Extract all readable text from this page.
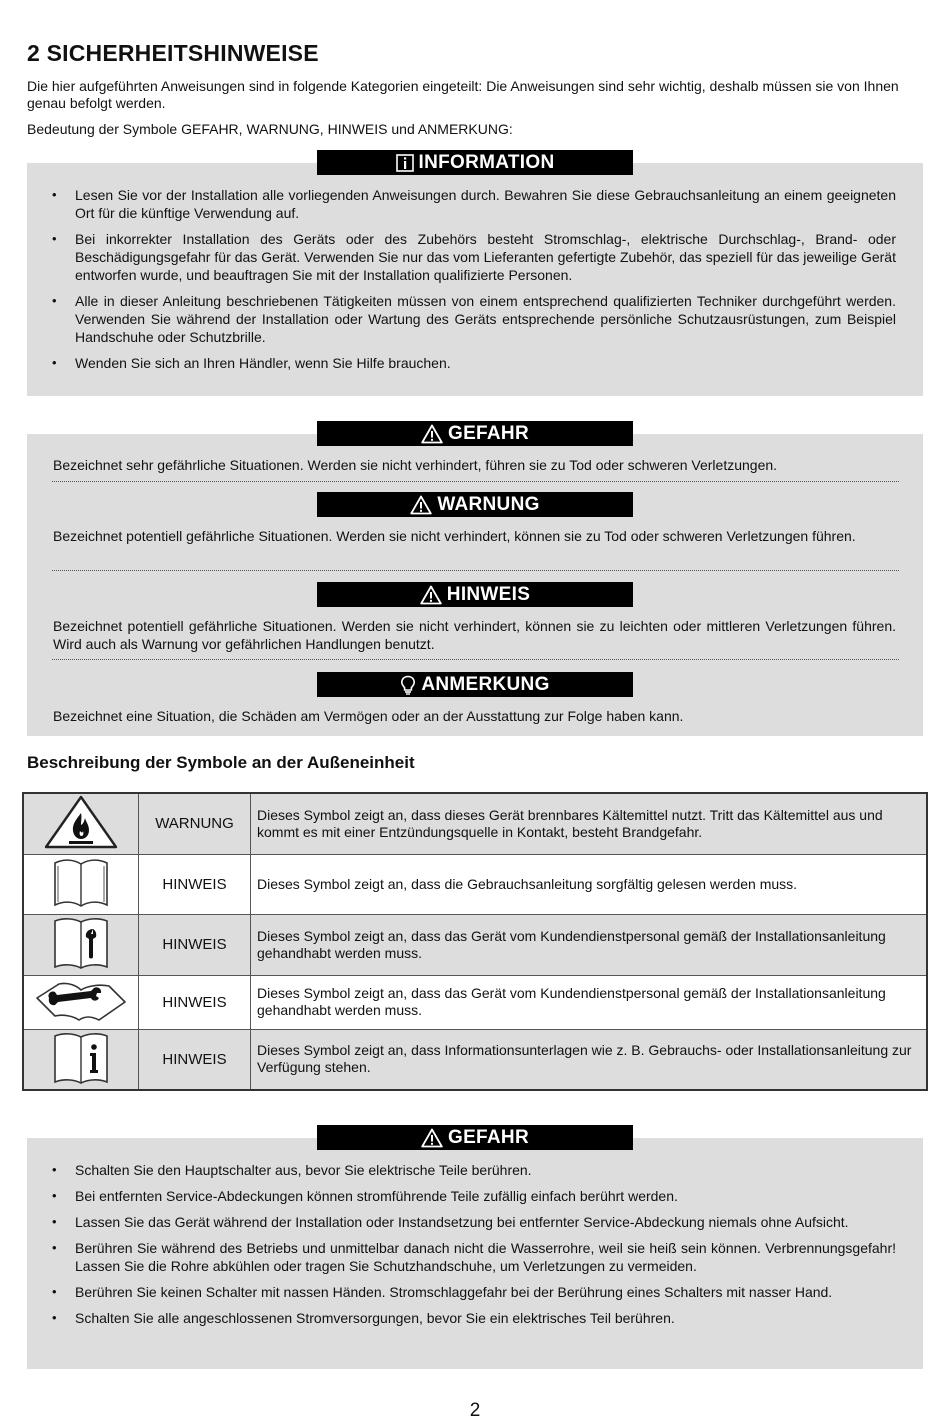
2 SICHERHEITSHINWEISE
Die hier aufgeführten Anweisungen sind in folgende Kategorien eingeteilt: Die Anweisungen sind sehr wichtig, deshalb müssen sie von Ihnen genau befolgt werden.
Bedeutung der Symbole GEFAHR, WARNUNG, HINWEIS und ANMERKUNG:
INFORMATION
• Lesen Sie vor der Installation alle vorliegenden Anweisungen durch. Bewahren Sie diese Gebrauchsanleitung an einem geeigneten Ort für die künftige Verwendung auf.
• Bei inkorrekter Installation des Geräts oder des Zubehörs besteht Stromschlag-, elektrische Durchschlag-, Brand- oder Beschädigungsgefahr für das Gerät. Verwenden Sie nur das vom Lieferanten gefertigte Zubehör, das speziell für das jeweilige Gerät entworfen wurde, und beauftragen Sie mit der Installation qualifizierte Personen.
• Alle in dieser Anleitung beschriebenen Tätigkeiten müssen von einem entsprechend qualifizierten Techniker durchgeführt werden. Verwenden Sie während der Installation oder Wartung des Geräts entsprechende persönliche Schutzausrüstungen, zum Beispiel Handschuhe oder Schutzbrille.
• Wenden Sie sich an Ihren Händler, wenn Sie Hilfe brauchen.
GEFAHR
Bezeichnet sehr gefährliche Situationen. Werden sie nicht verhindert, führen sie zu Tod oder schweren Verletzungen.
WARNUNG
Bezeichnet potentiell gefährliche Situationen. Werden sie nicht verhindert, können sie zu Tod oder schweren Verletzungen führen.
HINWEIS
Bezeichnet potentiell gefährliche Situationen. Werden sie nicht verhindert, können sie zu leichten oder mittleren Verletzungen führen. Wird auch als Warnung vor gefährlichen Handlungen benutzt.
ANMERKUNG
Bezeichnet eine Situation, die Schäden am Vermögen oder an der Ausstattung zur Folge haben kann.
Beschreibung der Symbole an der Außeneinheit
	WARNUNG	Dieses Symbol zeigt an, dass dieses Gerät brennbares Kältemittel nutzt. Tritt das Kältemittel aus und kommt es mit einer Entzündungsquelle in Kontakt, besteht Brandgefahr.
	HINWEIS	Dieses Symbol zeigt an, dass die Gebrauchsanleitung sorgfältig gelesen werden muss.
	HINWEIS	Dieses Symbol zeigt an, dass das Gerät vom Kundendienstpersonal gemäß der Installationsanleitung gehandhabt werden muss.
	HINWEIS	Dieses Symbol zeigt an, dass das Gerät vom Kundendienstpersonal gemäß der Installationsanleitung gehandhabt werden muss.
	HINWEIS	Dieses Symbol zeigt an, dass Informationsunterlagen wie z. B. Gebrauchs- oder Installationsanleitung zur Verfügung stehen.
GEFAHR
• Schalten Sie den Hauptschalter aus, bevor Sie elektrische Teile berühren.
• Bei entfernten Service-Abdeckungen können stromführende Teile zufällig einfach berührt werden.
• Lassen Sie das Gerät während der Installation oder Instandsetzung bei entfernter Service-Abdeckung niemals ohne Aufsicht.
• Berühren Sie während des Betriebs und unmittelbar danach nicht die Wasserrohre, weil sie heiß sein können. Verbrennungsgefahr! Lassen Sie die Rohre abkühlen oder tragen Sie Schutzhandschuhe, um Verletzungen zu vermeiden.
• Berühren Sie keinen Schalter mit nassen Händen. Stromschlaggefahr bei der Berührung eines Schalters mit nasser Hand.
• Schalten Sie alle angeschlossenen Stromversorgungen, bevor Sie ein elektrisches Teil berühren.
2
